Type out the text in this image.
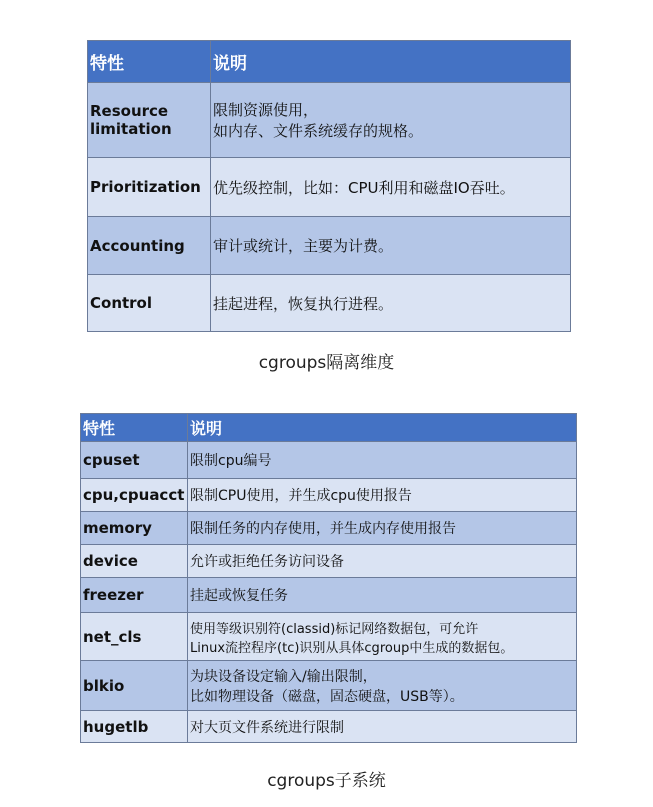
特性	说明
Resource limitation	限制资源使用，
如内存、文件系统缓存的规格。

Prioritization	优先级控制，比如：CPU利用和磁盘IO吞吐。
Accounting	审计或统计，主要为计费。
Control	挂起进程，恢复执行进程。
cgroups隔离维度
特性	说明
cpuset	限制cpu编号
cpu,cpuacct	限制CPU使用，并生成cpu使用报告
memory	限制任务的内存使用，并生成内存使用报告
device	允许或拒绝任务访问设备
freezer	挂起或恢复任务
net_cls	使用等级识别符(classid)标记网络数据包，可允许
Linux流控程序(tc)识别从具体cgroup中生成的数据包。

blkio	为块设备设定输入/输出限制，
比如物理设备（磁盘，固态硬盘，USB等）。

hugetlb	对大页文件系统进行限制
cgroups子系统
